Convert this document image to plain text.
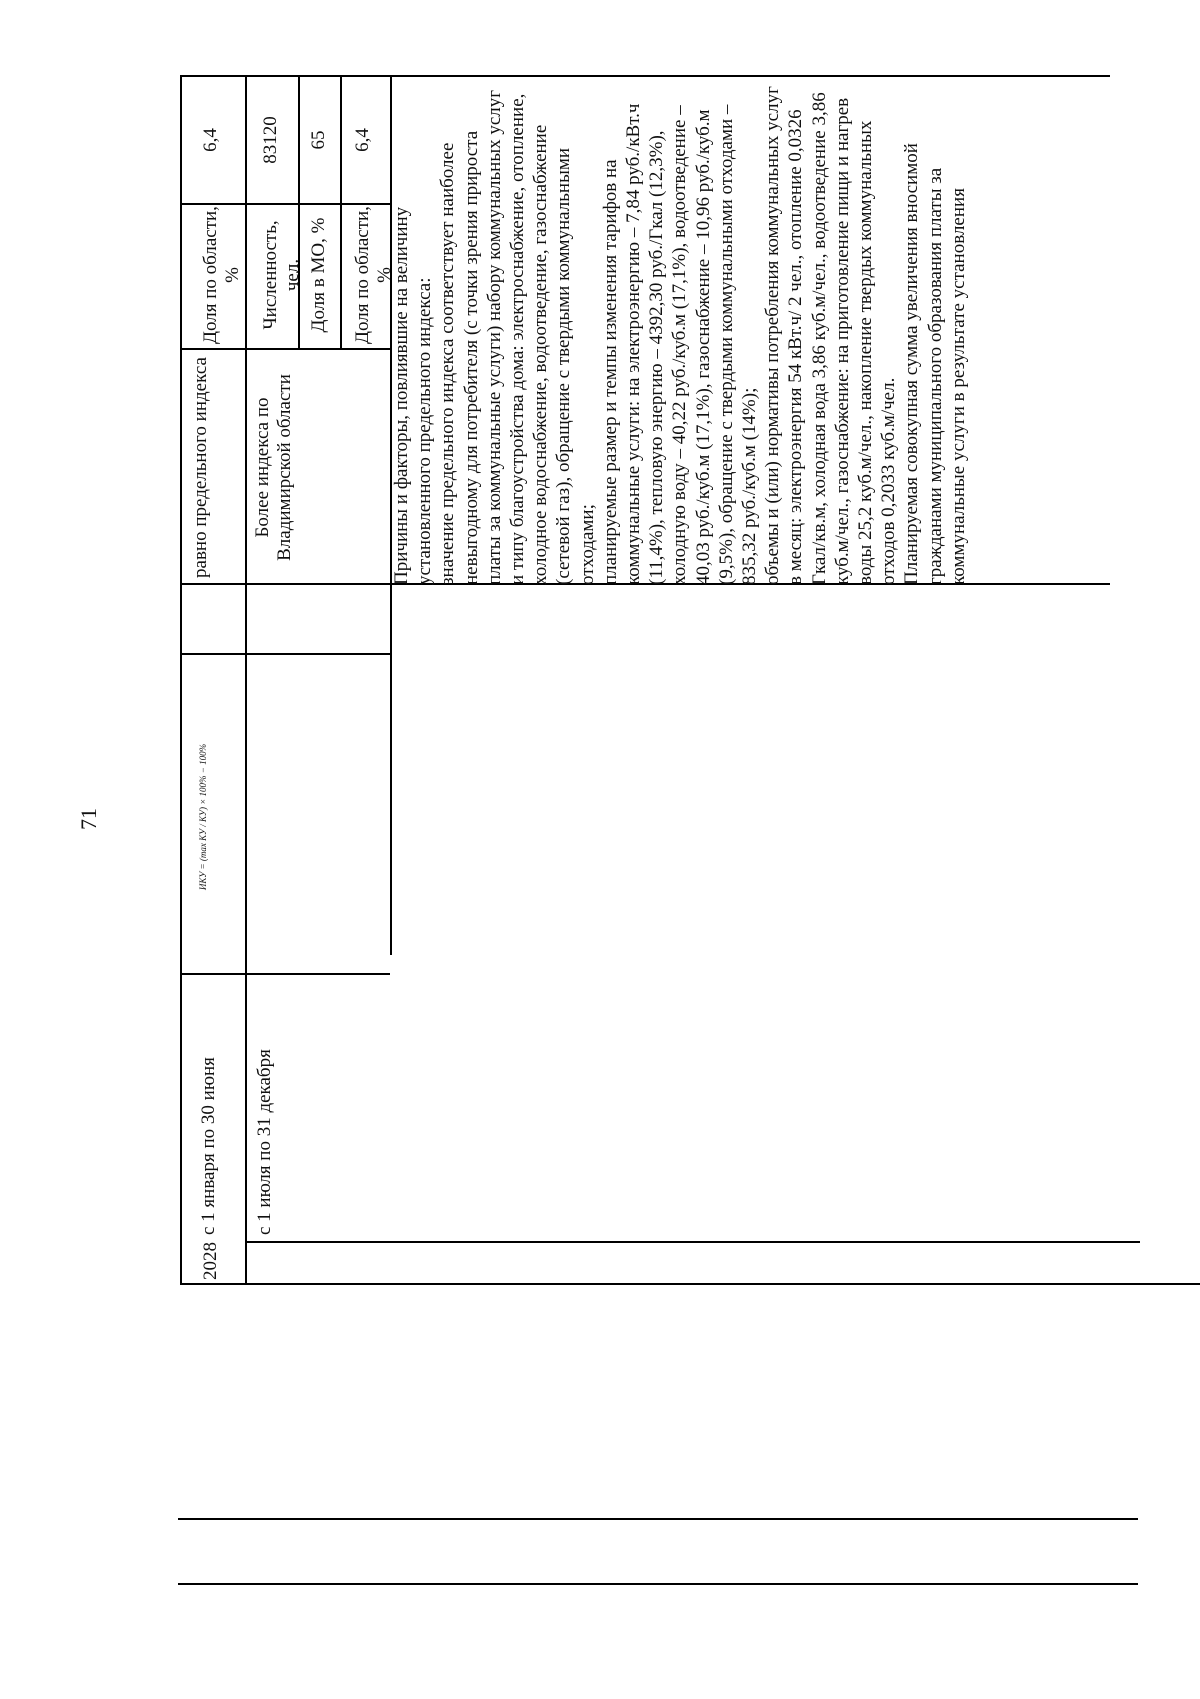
71
2028
с 1 января по 30 июня с 1 июля по 31 декабря
ИКУ = (max КУ / КУ) × 100% − 100%
равно предельного индекса Более индекса по Владимирской области
Доля по области, %
6,4
Численность, чел.
83120
Доля в МО, %
65
Доля по области, %
6,4

Причины и факторы, повлиявшие на величину установленного предельного индекса: значение предельного индекса соответствует наиболее невыгодному для потребителя (с точки зрения прироста платы за коммунальные услуги) набору коммунальных услуг и типу благоустройства дома: электроснабжение, отопление, холодное водоснабжение, водоотведение, газоснабжение (сетевой газ), обращение с твердыми коммунальными отходами; планируемые размер и темпы изменения тарифов на коммунальные услуги: на электроэнергию – 7,84 руб./кВт.ч (11,4%), тепловую энергию – 4392,30 руб./Гкал (12,3%), холодную воду – 40,22 руб./куб.м (17,1%), водоотведение – 40,03 руб./куб.м (17,1%), газоснабжение – 10,96 руб./куб.м (9,5%), обращение с твердыми коммунальными отходами – 835,32 руб./куб.м (14%); объемы и (или) нормативы потребления коммунальных услуг в месяц: электроэнергия 54 кВт.ч/ 2 чел., отопление 0,0326 Гкал/кв.м, холодная вода 3,86 куб.м/чел., водоотведение 3,86 куб.м/чел., газоснабжение: на приготовление пищи и нагрев воды 25,2 куб.м/чел., накопление твердых коммунальных отходов 0,2033 куб.м/чел. Планируемая совокупная сумма увеличения вносимой гражданами муниципального образования платы за коммунальные услуги в результате установления
